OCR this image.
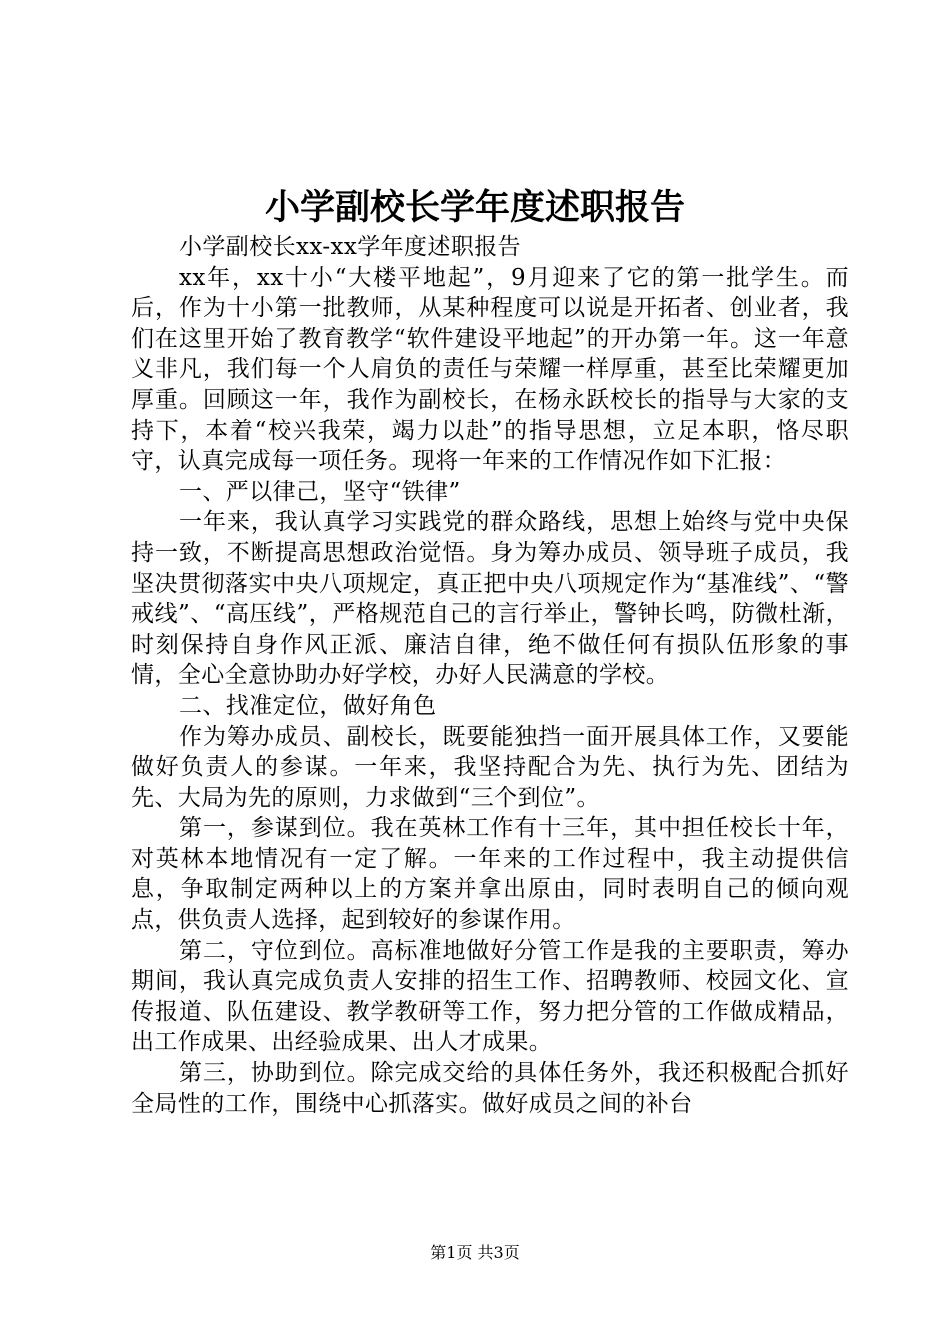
小学副校长学年度述职报告

小学副校长xx-xx学年度述职报告

xx年，xx十小“大楼平地起”，9月迎来了它的第一批学生。而后，作为十小第一批教师，从某种程度可以说是开拓者、创业者，我们在这里开始了教育教学“软件建设平地起”的开办第一年。这一年意义非凡，我们每一个人肩负的责任与荣耀一样厚重，甚至比荣耀更加厚重。回顾这一年，我作为副校长，在杨永跃校长的指导与大家的支持下，本着“校兴我荣，竭力以赴”的指导思想，立足本职，恪尽职守，认真完成每一项任务。现将一年来的工作情况作如下汇报：

一、严以律己，坚守“铁律”

一年来，我认真学习实践党的群众路线，思想上始终与党中央保持一致，不断提高思想政治觉悟。身为筹办成员、领导班子成员，我坚决贯彻落实中央八项规定，真正把中央八项规定作为“基准线”、“警戒线”、“高压线”，严格规范自己的言行举止，警钟长鸣，防微杜渐，时刻保持自身作风正派、廉洁自律，绝不做任何有损队伍形象的事情，全心全意协助办好学校，办好人民满意的学校。

二、找准定位，做好角色

作为筹办成员、副校长，既要能独挡一面开展具体工作，又要能做好负责人的参谋。一年来，我坚持配合为先、执行为先、团结为先、大局为先的原则，力求做到“三个到位”。

第一，参谋到位。我在英林工作有十三年，其中担任校长十年，对英林本地情况有一定了解。一年来的工作过程中，我主动提供信息，争取制定两种以上的方案并拿出原由，同时表明自己的倾向观点，供负责人选择，起到较好的参谋作用。

第二，守位到位。高标准地做好分管工作是我的主要职责，筹办期间，我认真完成负责人安排的招生工作、招聘教师、校园文化、宣传报道、队伍建设、教学教研等工作，努力把分管的工作做成精品，出工作成果、出经验成果、出人才成果。

第三，协助到位。除完成交给的具体任务外，我还积极配合抓好全局性的工作，围绕中心抓落实。做好成员之间的补台

第1页 共3页
